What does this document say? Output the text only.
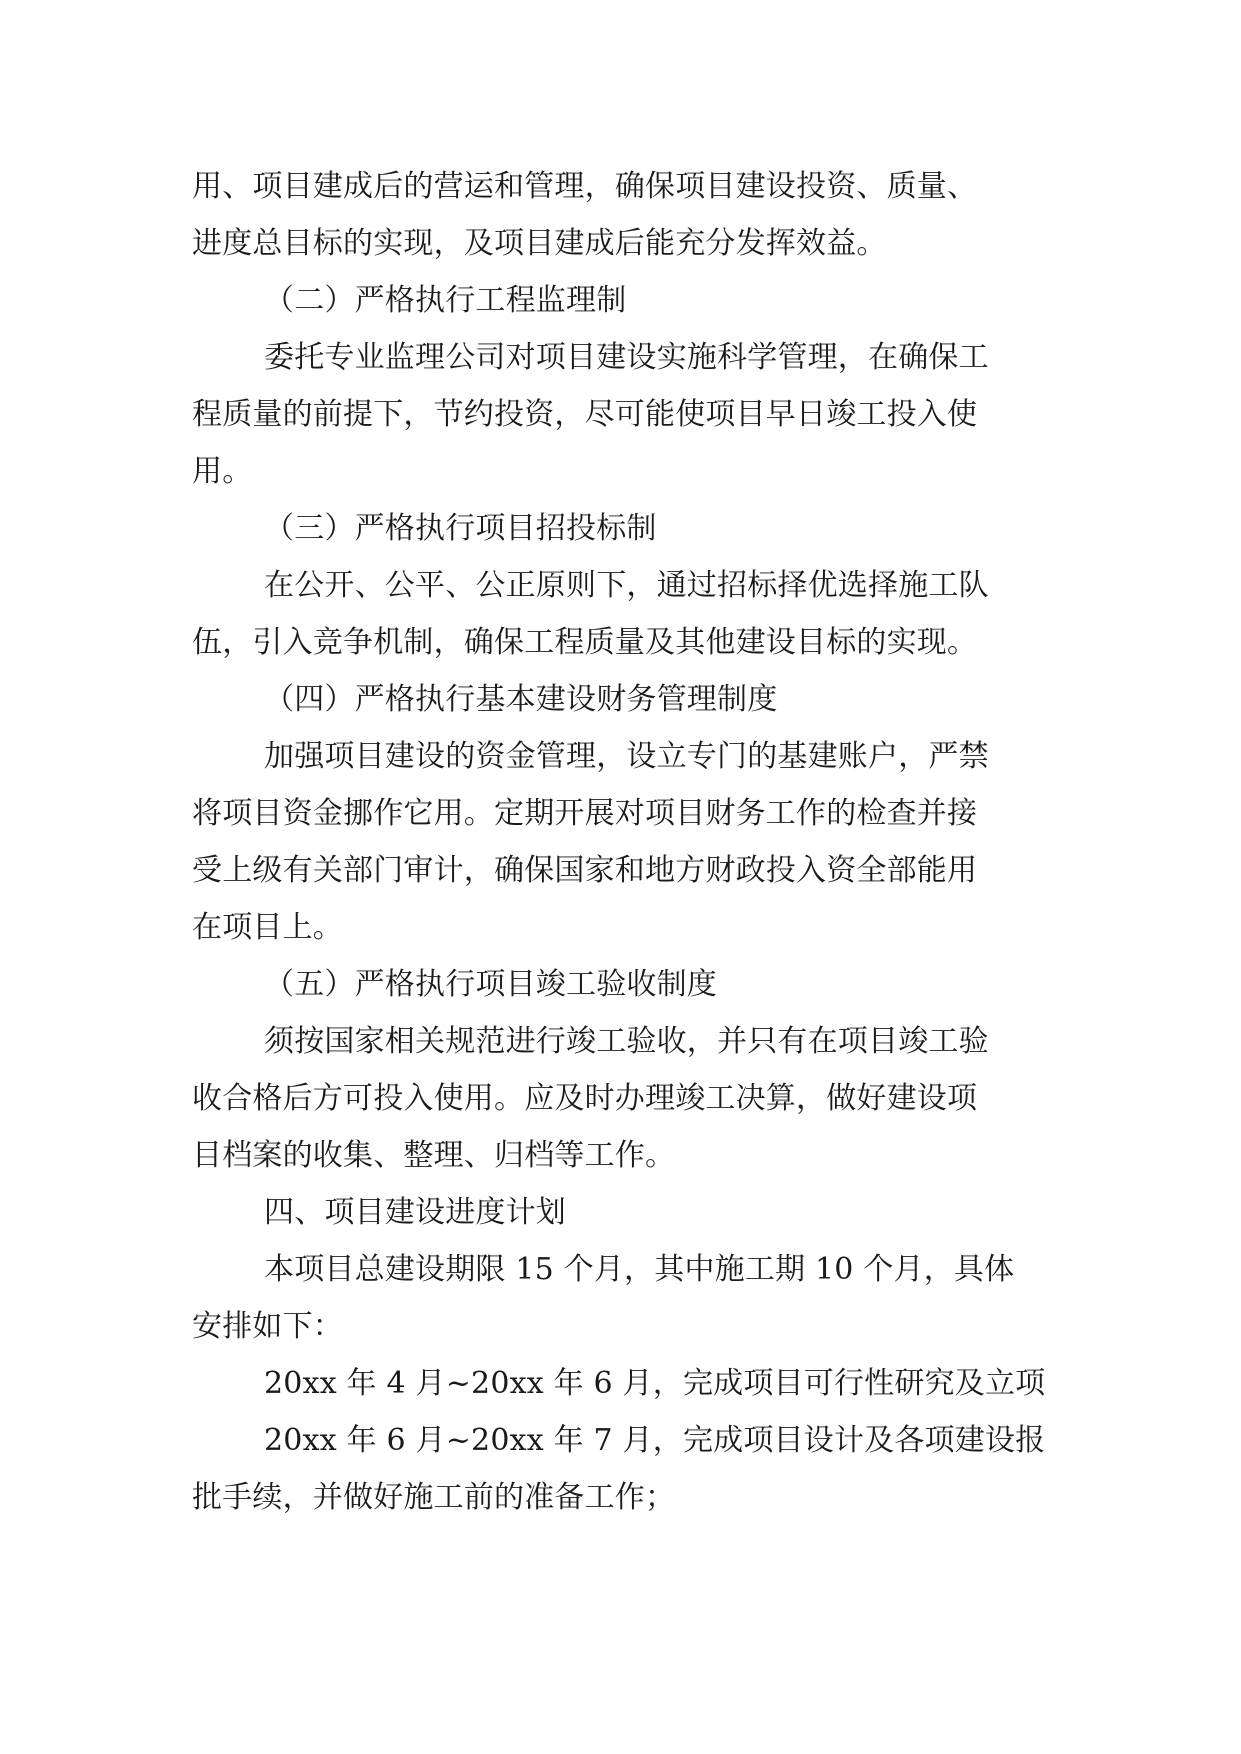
用、项目建成后的营运和管理，确保项目建设投资、质量、
进度总目标的实现，及项目建成后能充分发挥效益。
（二）严格执行工程监理制
委托专业监理公司对项目建设实施科学管理，在确保工
程质量的前提下，节约投资，尽可能使项目早日竣工投入使
用。
（三）严格执行项目招投标制
在公开、公平、公正原则下，通过招标择优选择施工队
伍，引入竞争机制，确保工程质量及其他建设目标的实现。
（四）严格执行基本建设财务管理制度
加强项目建设的资金管理，设立专门的基建账户，严禁
将项目资金挪作它用。定期开展对项目财务工作的检查并接
受上级有关部门审计，确保国家和地方财政投入资全部能用
在项目上。
（五）严格执行项目竣工验收制度
须按国家相关规范进行竣工验收，并只有在项目竣工验
收合格后方可投入使用。应及时办理竣工决算，做好建设项
目档案的收集、整理、归档等工作。
四、项目建设进度计划
本项目总建设期限 15 个月，其中施工期 10 个月，具体
安排如下：
20xx 年 4 月~20xx 年 6 月，完成项目可行性研究及立项
20xx 年 6 月~20xx 年 7 月，完成项目设计及各项建设报
批手续，并做好施工前的准备工作；
